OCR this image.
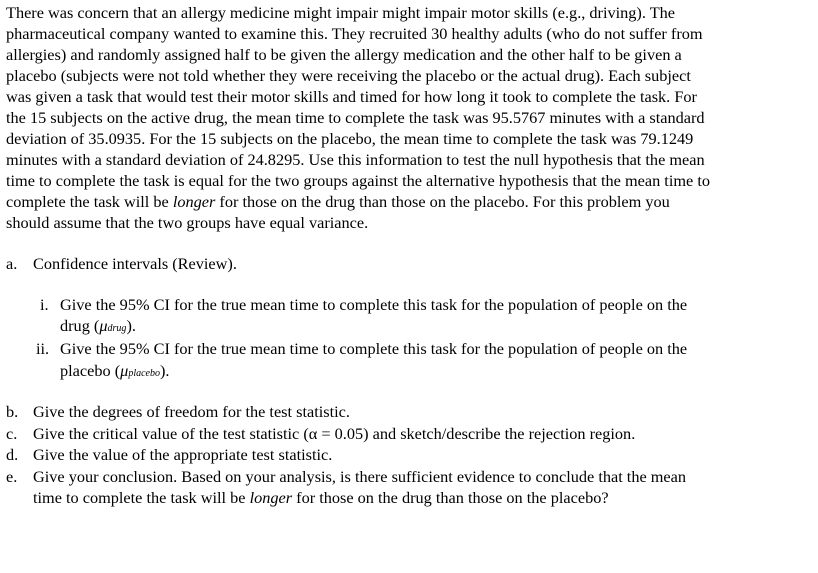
There was concern that an allergy medicine might impair might impair motor skills (e.g., driving). The
pharmaceutical company wanted to examine this. They recruited 30 healthy adults (who do not suffer from
allergies) and randomly assigned half to be given the allergy medication and the other half to be given a
placebo (subjects were not told whether they were receiving the placebo or the actual drug). Each subject
was given a task that would test their motor skills and timed for how long it took to complete the task. For
the 15 subjects on the active drug, the mean time to complete the task was 95.5767 minutes with a standard
deviation of 35.0935. For the 15 subjects on the placebo, the mean time to complete the task was 79.1249
minutes with a standard deviation of 24.8295. Use this information to test the null hypothesis that the mean
time to complete the task is equal for the two groups against the alternative hypothesis that the mean time to
complete the task will be longer for those on the drug than those on the placebo. For this problem you
should assume that the two groups have equal variance.
a. Confidence intervals (Review).
i. Give the 95% CI for the true mean time to complete this task for the population of people on the
drug (μdrug).
ii. Give the 95% CI for the true mean time to complete this task for the population of people on the
placebo (μplacebo).
b. Give the degrees of freedom for the test statistic.
c. Give the critical value of the test statistic (α = 0.05) and sketch/describe the rejection region.
d. Give the value of the appropriate test statistic.
e. Give your conclusion. Based on your analysis, is there sufficient evidence to conclude that the mean
time to complete the task will be longer for those on the drug than those on the placebo?
